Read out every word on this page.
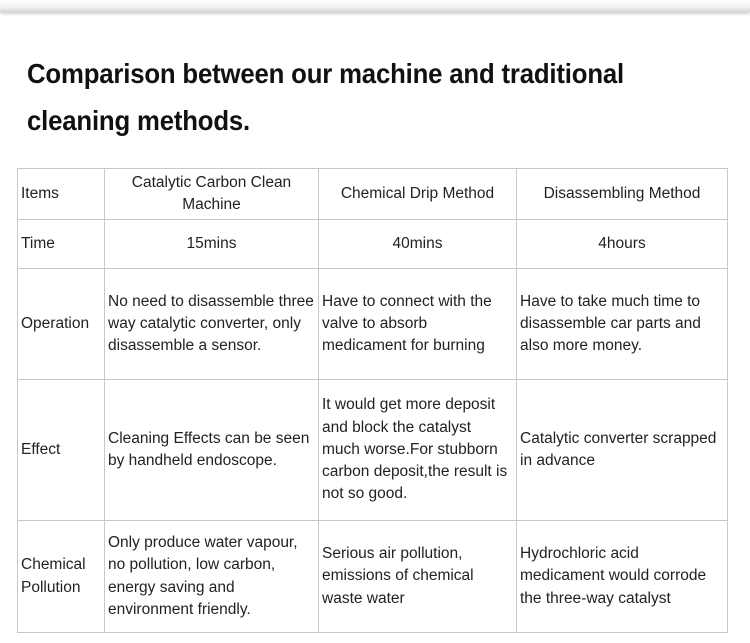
Comparison between our machine and traditional
cleaning methods.
Items	Catalytic Carbon Clean Machine	Chemical Drip Method	Disassembling Method
Time	15mins	40mins	4hours
Operation	No need to disassemble three way catalytic converter, only disassemble a sensor.	Have to connect with the valve to absorb medicament for burning	Have to take much time to disassemble car parts and also more money.
Effect	Cleaning Effects can be seen by handheld endoscope.	It would get more deposit and block the catalyst much worse.For stubborn carbon deposit,the result is not so good.	Catalytic converter scrapped in advance
Chemical Pollution	Only produce water vapour, no pollution, low carbon, energy saving and environment friendly.	Serious air pollution, emissions of chemical waste water	Hydrochloric acid medicament would corrode the three-way catalyst
